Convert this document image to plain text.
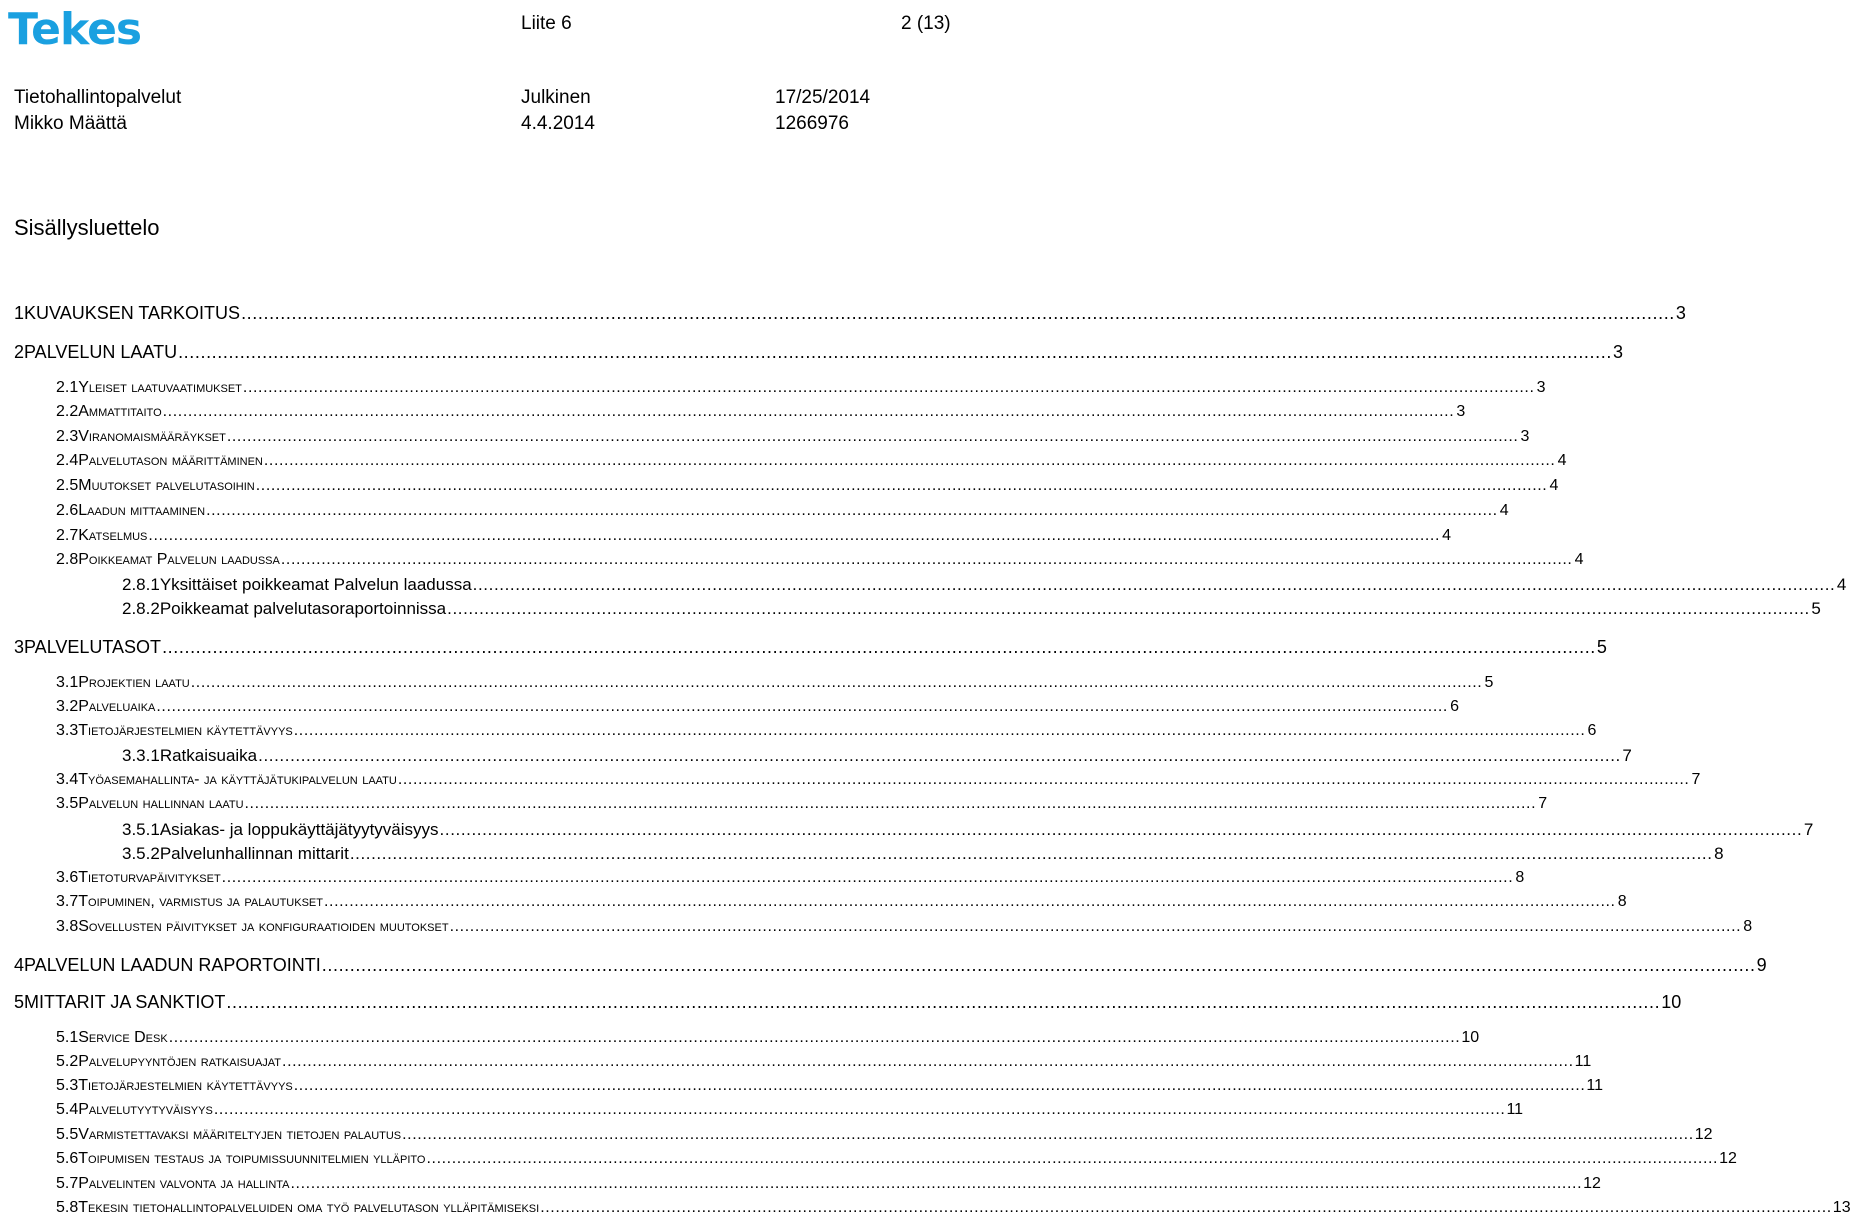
Tekes	Liite 6	2 (13)
Tietohallintopalvelut	Julkinen	17/25/2014
Mikko Määttä	4.4.2014	1266976
Sisällysluettelo
1 KUVAUKSEN TARKOITUS .....	3
2 PALVELUN LAATU .....	3
2.1 Yleiset laatuvaatimukset .....	3
2.2 Ammattitaito .....	3
2.3 Viranomaismääräykset .....	3
2.4 Palvelutason määrittäminen .....	4
2.5 Muutokset palvelutasoihin .....	4
2.6 Laadun mittaaminen .....	4
2.7 Katselmus .....	4
2.8 Poikkeamat Palvelun laadussa .....	4
2.8.1 Yksittäiset poikkeamat Palvelun laadussa .....	4
2.8.2 Poikkeamat palvelutasoraportoinnissa .....	5
3 PALVELUTASOT .....	5
3.1 Projektien laatu .....	5
3.2 Palveluaika .....	6
3.3 Tietojärjestelmien käytettävyys .....	6
3.3.1 Ratkaisuaika .....	7
3.4 Työasemahallinta- ja käyttäjätukipalvelun laatu .....	7
3.5 Palvelun hallinnan laatu .....	7
3.5.1 Asiakas- ja loppukäyttäjätyytyväisyys .....	7
3.5.2 Palvelunhallinnan mittarit .....	8
3.6 Tietoturvapäivitykset .....	8
3.7 Toipuminen, varmistus ja palautukset .....	8
3.8 Sovellusten päivitykset ja konfiguraatioiden muutokset .....	8
4 PALVELUN LAADUN RAPORTOINTI .....	9
5 MITTARIT JA SANKTIOT .....	10
5.1 Service Desk .....	10
5.2 Palvelupyyntöjen ratkaisuajat .....	11
5.3 Tietojärjestelmien käytettävyys .....	11
5.4 Palvelutyytyväisyys .....	11
5.5 Varmistettavaksi määriteltyjen tietojen palautus .....	12
5.6 Toipumisen testaus ja toipumissuunnitelmien ylläpito .....	12
5.7 Palvelinten valvonta ja hallinta .....	12
5.8 Tekesin tietohallintopalveluiden oma työ palvelutason ylläpitämiseksi .....	13
